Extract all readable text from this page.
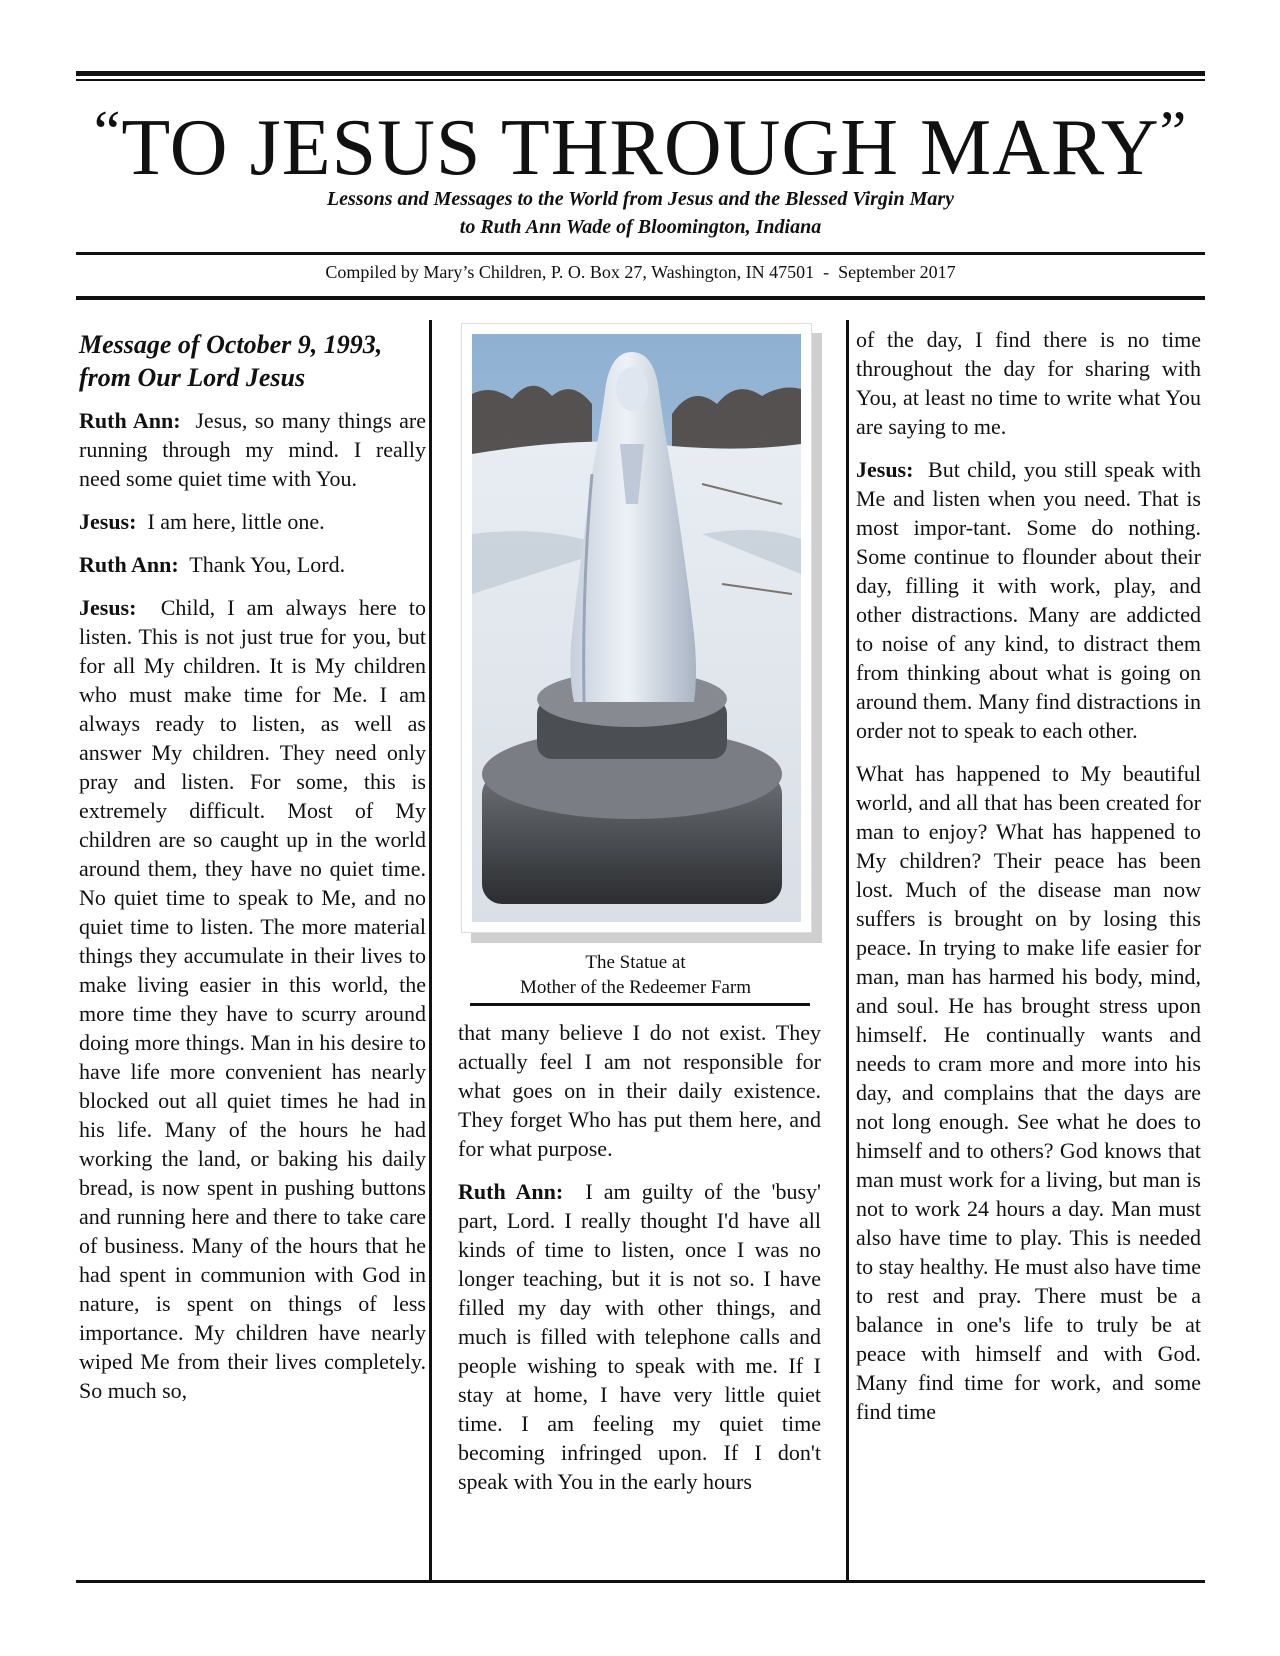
“TO JESUS THROUGH MARY”
Lessons and Messages to the World from Jesus and the Blessed Virgin Mary
to Ruth Ann Wade of Bloomington, Indiana
Compiled by Mary’s Children, P. O. Box 27, Washington, IN 47501  -  September 2017
Message of October 9, 1993,
from Our Lord Jesus

Ruth Ann: Jesus, so many things are running through my mind. I really need some quiet time with You.

Jesus: I am here, little one.

Ruth Ann: Thank You, Lord.

Jesus: Child, I am always here to listen. This is not just true for you, but for all My children. It is My children who must make time for Me. I am always ready to listen, as well as answer My children. They need only pray and listen. For some, this is extremely difficult. Most of My children are so caught up in the world around them, they have no quiet time. No quiet time to speak to Me, and no quiet time to listen. The more material things they accumulate in their lives to make living easier in this world, the more time they have to scurry around doing more things. Man in his desire to have life more convenient has nearly blocked out all quiet times he had in his life. Many of the hours he had working the land, or baking his daily bread, is now spent in pushing buttons and running here and there to take care of business. Many of the hours that he had spent in communion with God in nature, is spent on things of less importance. My children have nearly wiped Me from their lives completely. So much so,

The Statue at
Mother of the Redeemer Farm

that many believe I do not exist. They actually feel I am not responsible for what goes on in their daily existence. They forget Who has put them here, and for what purpose.

Ruth Ann: I am guilty of the 'busy' part, Lord. I really thought I'd have all kinds of time to listen, once I was no longer teaching, but it is not so. I have filled my day with other things, and much is filled with telephone calls and people wishing to speak with me. If I stay at home, I have very little quiet time. I am feeling my quiet time becoming infringed upon. If I don't speak with You in the early hours

of the day, I find there is no time throughout the day for sharing with You, at least no time to write what You are saying to me.

Jesus: But child, you still speak with Me and listen when you need. That is most impor-tant. Some do nothing. Some continue to flounder about their day, filling it with work, play, and other distractions. Many are addicted to noise of any kind, to distract them from thinking about what is going on around them. Many find distractions in order not to speak to each other.

What has happened to My beautiful world, and all that has been created for man to enjoy? What has happened to My children? Their peace has been lost. Much of the disease man now suffers is brought on by losing this peace. In trying to make life easier for man, man has harmed his body, mind, and soul. He has brought stress upon himself. He continually wants and needs to cram more and more into his day, and complains that the days are not long enough. See what he does to himself and to others? God knows that man must work for a living, but man is not to work 24 hours a day. Man must also have time to play. This is needed to stay healthy. He must also have time to rest and pray. There must be a balance in one's life to truly be at peace with himself and with God. Many find time for work, and some find time
